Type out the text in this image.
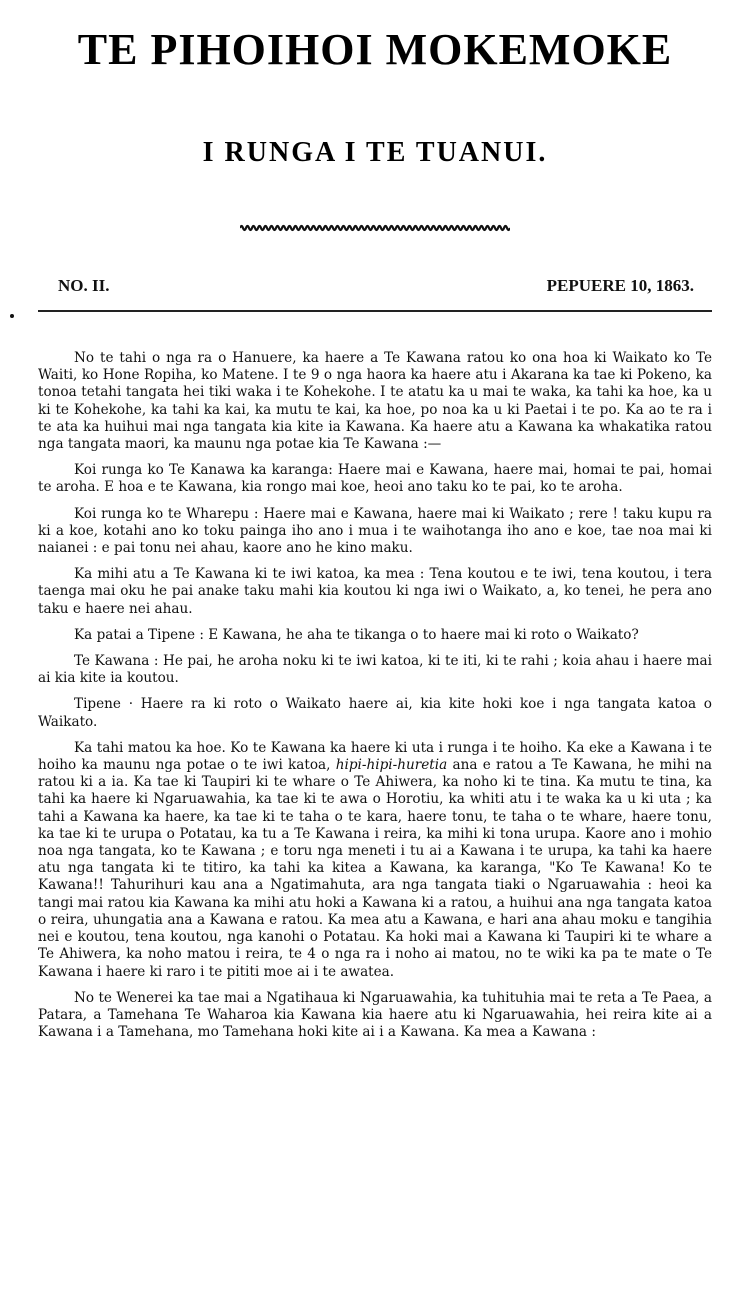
TE PIHOIHOI MOKEMOKE
I RUNGA I TE TUANUI.
NO. II.	PEPUERE 10, 1863.

No te tahi o nga ra o Hanuere, ka haere a Te Kawana ratou ko ona hoa ki Waikato ko Te Waiti, ko Hone Ropiha, ko Matene. I te 9 o nga haora ka haere atu i Akarana ka tae ki Pokeno, ka tonoa tetahi tangata hei tiki waka i te Kohekohe. I te atatu ka u mai te waka, ka tahi ka hoe, ka u ki te Kohekohe, ka tahi ka kai, ka mutu te kai, ka hoe, po noa ka u ki Paetai i te po. Ka ao te ra i te ata ka huihui mai nga tangata kia kite ia Kawana. Ka haere atu a Kawana ka whakatika ratou nga tangata maori, ka maunu nga potae kia Te Kawana :—

Koi runga ko Te Kanawa ka karanga: Haere mai e Kawana, haere mai, homai te pai, homai te aroha. E hoa e te Kawana, kia rongo mai koe, heoi ano taku ko te pai, ko te aroha.

Koi runga ko te Wharepu : Haere mai e Kawana, haere mai ki Waikato ; rere ! taku kupu ra ki a koe, kotahi ano ko toku painga iho ano i mua i te waihotanga iho ano e koe, tae noa mai ki naianei : e pai tonu nei ahau, kaore ano he kino maku.

Ka mihi atu a Te Kawana ki te iwi katoa, ka mea : Tena koutou e te iwi, tena koutou, i tera taenga mai oku he pai anake taku mahi kia koutou ki nga iwi o Waikato, a, ko tenei, he pera ano taku e haere nei ahau.

Ka patai a Tipene : E Kawana, he aha te tikanga o to haere mai ki roto o Waikato?

Te Kawana : He pai, he aroha noku ki te iwi katoa, ki te iti, ki te rahi ; koia ahau i haere mai ai kia kite ia koutou.

Tipene · Haere ra ki roto o Waikato haere ai, kia kite hoki koe i nga tangata katoa o Waikato.

Ka tahi matou ka hoe. Ko te Kawana ka haere ki uta i runga i te hoiho. Ka eke a Kawana i te hoiho ka maunu nga potae o te iwi katoa, hipi-hipi-huretia ana e ratou a Te Kawana, he mihi na ratou ki a ia. Ka tae ki Taupiri ki te whare o Te Ahiwera, ka noho ki te tina. Ka mutu te tina, ka tahi ka haere ki Ngaruawahia, ka tae ki te awa o Horotiu, ka whiti atu i te waka ka u ki uta ; ka tahi a Kawana ka haere, ka tae ki te taha o te kara, haere tonu, te taha o te whare, haere tonu, ka tae ki te urupa o Potatau, ka tu a Te Kawana i reira, ka mihi ki tona urupa. Kaore ano i mohio noa nga tangata, ko te Kawana ; e toru nga meneti i tu ai a Kawana i te urupa, ka tahi ka haere atu nga tangata ki te titiro, ka tahi ka kitea a Kawana, ka karanga, "Ko Te Kawana! Ko te Kawana!! Tahurihuri kau ana a Ngatimahuta, ara nga tangata tiaki o Ngaruawahia : heoi ka tangi mai ratou kia Kawana ka mihi atu hoki a Kawana ki a ratou, a huihui ana nga tangata katoa o reira, uhungatia ana a Kawana e ratou. Ka mea atu a Kawana, e hari ana ahau moku e tangihia nei e koutou, tena koutou, nga kanohi o Potatau. Ka hoki mai a Kawana ki Taupiri ki te whare a Te Ahiwera, ka noho matou i reira, te 4 o nga ra i noho ai matou, no te wiki ka pa te mate o Te Kawana i haere ki raro i te pititi moe ai i te awatea.

No te Wenerei ka tae mai a Ngatihaua ki Ngaruawahia, ka tuhituhia mai te reta a Te Paea, a Patara, a Tamehana Te Waharoa kia Kawana kia haere atu ki Ngaruawahia, hei reira kite ai a Kawana i a Tamehana, mo Tamehana hoki kite ai i a Kawana. Ka mea a Kawana :
